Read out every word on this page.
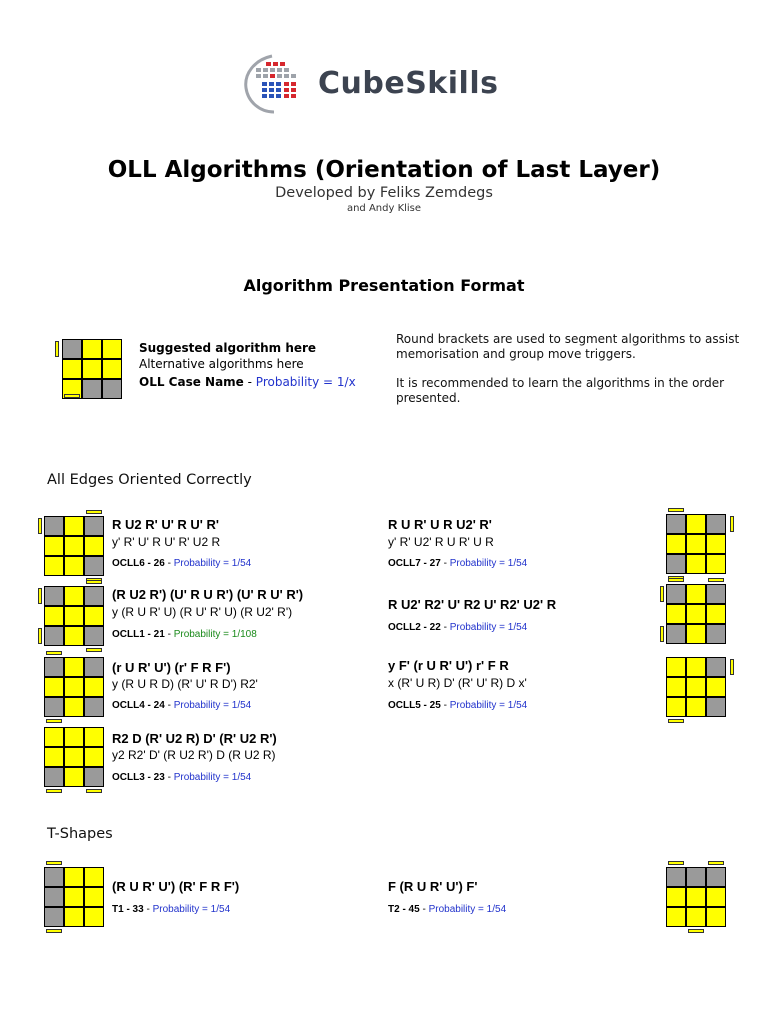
CubeSkills
OLL Algorithms (Orientation of Last Layer)
Developed by Feliks Zemdegs
and Andy Klise
Algorithm Presentation Format
Suggested algorithm here
Alternative algorithms here
OLL Case Name - Probability = 1/x
Round brackets are used to segment algorithms to assist memorisation and group move triggers.
It is recommended to learn the algorithms in the order presented.
All Edges Oriented Correctly
R U2 R' U' R U' R'
y' R' U' R U' R' U2 R
OCLL6 - 26 - Probability = 1/54
R U R' U R U2' R'
y' R' U2' R U R' U R
OCLL7 - 27 - Probability = 1/54
(R U2 R') (U' R U R') (U' R U' R')
y (R U R' U) (R U' R' U) (R U2' R')
OCLL1 - 21 - Probability = 1/108
R U2' R2' U' R2 U' R2' U2' R
OCLL2 - 22 - Probability = 1/54
(r U R' U') (r' F R F')
y (R U R D) (R' U' R D') R2'
OCLL4 - 24 - Probability = 1/54
y F' (r U R' U') r' F R
x (R' U R) D' (R' U' R) D x'
OCLL5 - 25 - Probability = 1/54
R2 D (R' U2 R) D' (R' U2 R')
y2 R2' D' (R U2 R') D (R U2 R)
OCLL3 - 23 - Probability = 1/54
T-Shapes
(R U R' U') (R' F R F')
T1 - 33 - Probability = 1/54
F (R U R' U') F'
T2 - 45 - Probability = 1/54
